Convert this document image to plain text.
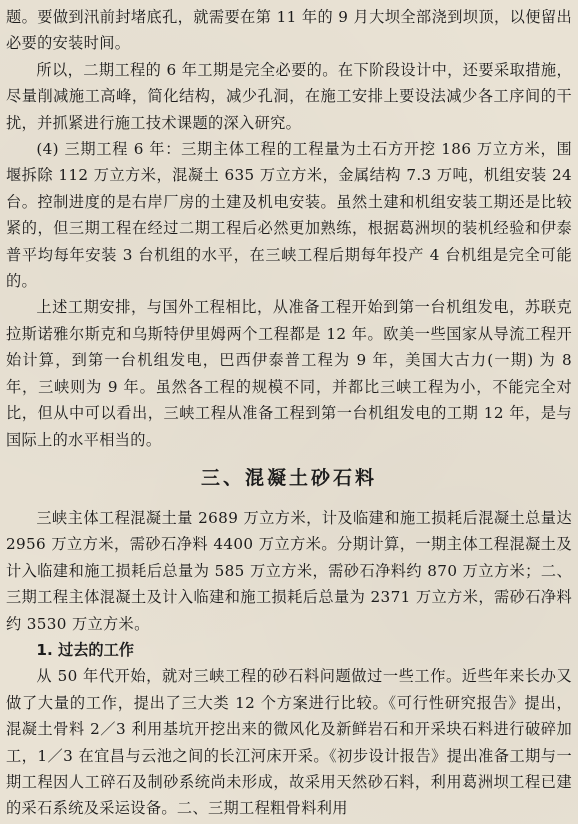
题。要做到汛前封堵底孔，就需要在第 11 年的 9 月大坝全部浇到坝顶，以便留出必要的安装时间。

所以，二期工程的 6 年工期是完全必要的。在下阶段设计中，还要采取措施，尽量削减施工高峰，简化结构，减少孔洞，在施工安排上要设法减少各工序间的干扰，并抓紧进行施工技术课题的深入研究。

(4) 三期工程 6 年：三期主体工程的工程量为土石方开挖 186 万立方米，围堰拆除 112 万立方米，混凝土 635 万立方米，金属结构 7.3 万吨，机组安装 24 台。控制进度的是右岸厂房的土建及机电安装。虽然土建和机组安装工期还是比较紧的，但三期工程在经过二期工程后必然更加熟练，根据葛洲坝的装机经验和伊泰普平均每年安装 3 台机组的水平，在三峡工程后期每年投产 4 台机组是完全可能的。

上述工期安排，与国外工程相比，从准备工程开始到第一台机组发电，苏联克拉斯诺雅尔斯克和乌斯特伊里姆两个工程都是 12 年。欧美一些国家从导流工程开始计算，到第一台机组发电，巴西伊泰普工程为 9 年，美国大古力(一期) 为 8 年，三峡则为 9 年。虽然各工程的规模不同，并都比三峡工程为小，不能完全对比，但从中可以看出，三峡工程从准备工程到第一台机组发电的工期 12 年，是与国际上的水平相当的。

三、混凝土砂石料

三峡主体工程混凝土量 2689 万立方米，计及临建和施工损耗后混凝土总量达 2956 万立方米，需砂石净料 4400 万立方米。分期计算，一期主体工程混凝土及计入临建和施工损耗后总量为 585 万立方米，需砂石净料约 870 万立方米；二、三期工程主体混凝土及计入临建和施工损耗后总量为 2371 万立方米，需砂石净料约 3530 万立方米。

1. 过去的工作

从 50 年代开始，就对三峡工程的砂石料问题做过一些工作。近些年来长办又做了大量的工作，提出了三大类 12 个方案进行比较。《可行性研究报告》提出，混凝土骨料 2／3 利用基坑开挖出来的微风化及新鲜岩石和开采块石料进行破碎加工，1／3 在宜昌与云池之间的长江河床开采。《初步设计报告》提出准备工期与一期工程因人工碎石及制砂系统尚未形成，故采用天然砂石料，利用葛洲坝工程已建的采石系统及采运设备。二、三期工程粗骨料利用
